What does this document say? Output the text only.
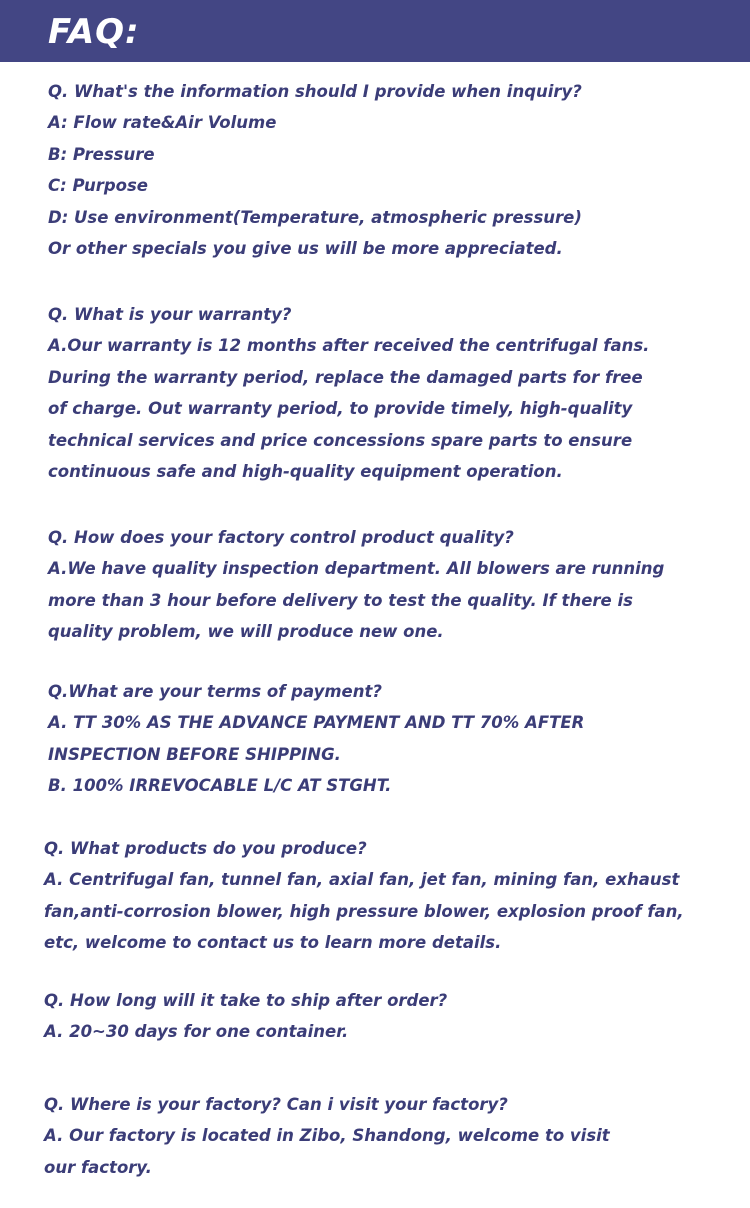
FAQ:
Q. What's the information should I provide when inquiry?
A: Flow rate&Air Volume
B: Pressure
C: Purpose
D: Use environment(Temperature, atmospheric pressure)
Or other specials you give us will be more appreciated.
Q. What is your warranty?
A.Our warranty is 12 months after received the centrifugal fans.
During the warranty period, replace the damaged parts for free
of charge. Out warranty period, to provide timely, high-quality
technical services and price concessions spare parts to ensure
continuous safe and high-quality equipment operation.
Q. How does your factory control product quality?
A.We have quality inspection department. All blowers are running
more than 3 hour before delivery to test the quality. If there is
quality problem, we will produce new one.
Q.What are your terms of payment?
A. TT 30% AS THE ADVANCE PAYMENT AND TT 70% AFTER
INSPECTION BEFORE SHIPPING.
B. 100% IRREVOCABLE L/C AT STGHT.
Q. What products do you produce?
A. Centrifugal fan, tunnel fan, axial fan, jet fan, mining fan, exhaust
fan,anti-corrosion blower, high pressure blower, explosion proof fan,
etc, welcome to contact us to learn more details.
Q. How long will it take to ship after order?
A. 20~30 days for one container.
Q. Where is your factory? Can i visit your factory?
A. Our factory is located in Zibo, Shandong, welcome to visit
our factory.
